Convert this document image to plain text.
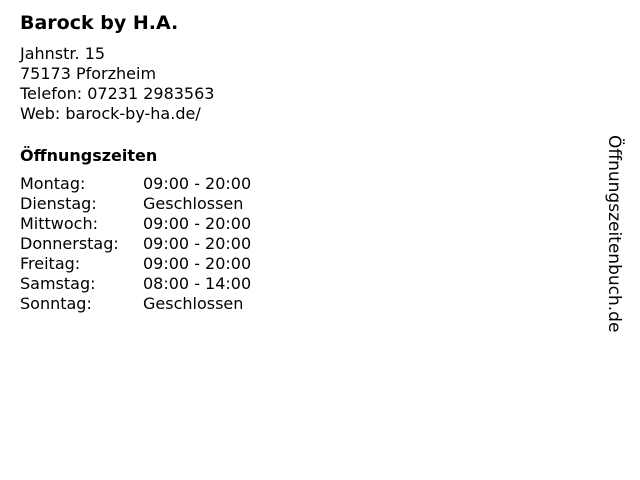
Barock by H.A.
Jahnstr. 15
75173 Pforzheim
Telefon: 07231 2983563
Web: barock-by-ha.de/
Öffnungszeiten
Montag:	09:00 - 20:00
Dienstag:	Geschlossen
Mittwoch:	09:00 - 20:00
Donnerstag:	09:00 - 20:00
Freitag:	09:00 - 20:00
Samstag:	08:00 - 14:00
Sonntag:	Geschlossen	Öffnungszeitenbuch.de
